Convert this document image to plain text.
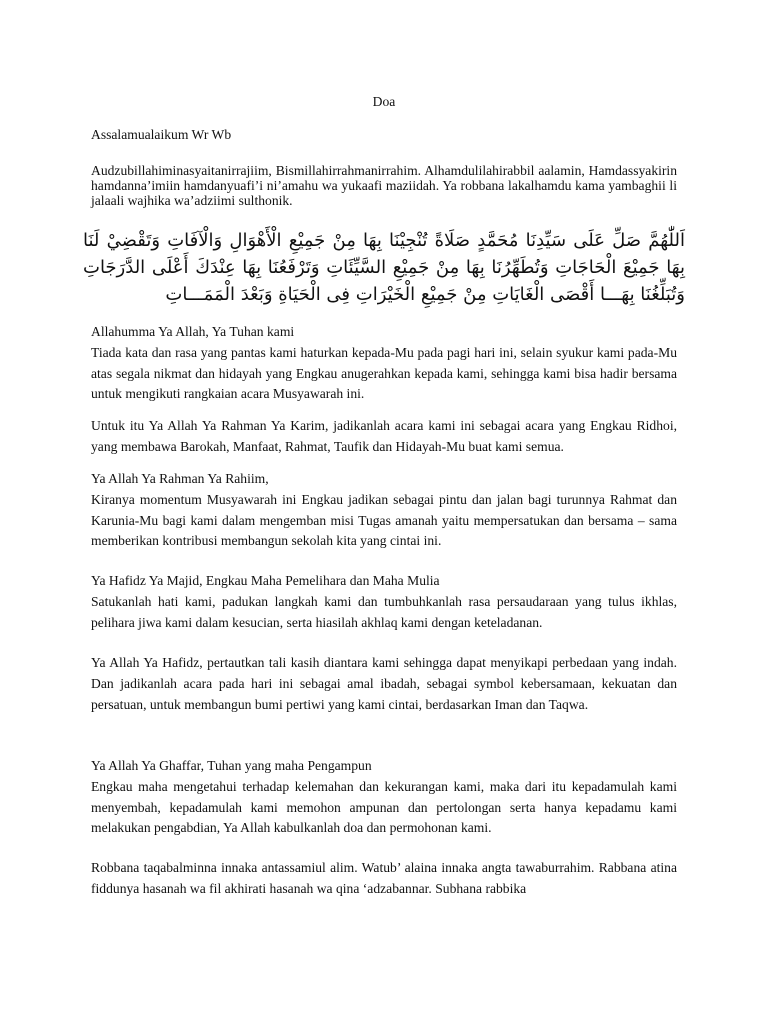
Doa
Assalamualaikum Wr Wb
Audzubillahiminasyaitanirrajiim, Bismillahirrahmanirrahim. Alhamdulilahirabbil aalamin, Hamdassyakirin hamdanna’imiin hamdanyuafi’i ni’amahu wa yukaafi maziidah. Ya robbana lakalhamdu kama yambaghii li jalaali wajhika wa’adziimi sulthonik.
اَللّٰهُمَّ صَلِّ عَلَى سَيِّدِنَا مُحَمَّدٍ صَلَاةً تُنْجِيْنَا بِهَا مِنْ جَمِيْعِ الْأَهْوَالِ وَالْآفَاتِ وَتَقْضِيْ لَنَا بِهَا جَمِيْعَ الْحَاجَاتِ وَتُطَهِّرُنَا بِهَا مِنْ جَمِيْعِ السَّيِّئَاتِ وَتَرْفَعُنَا بِهَا عِنْدَكَ أَعْلَى الدَّرَجَاتِ وَتُبَلِّغُنَا بِهَـــا أَقْصَى الْغَايَاتِ مِنْ جَمِيْعِ الْخَيْرَاتِ فِى الْحَيَاةِ وَبَعْدَ الْمَمَـــاتِ
Allahumma Ya Allah, Ya Tuhan kami
Tiada kata dan rasa yang pantas kami haturkan kepada-Mu pada pagi hari ini, selain syukur kami pada-Mu atas segala nikmat dan hidayah yang Engkau anugerahkan kepada kami, sehingga kami bisa hadir bersama untuk mengikuti rangkaian acara Musyawarah ini.
Untuk itu Ya Allah Ya Rahman Ya Karim, jadikanlah acara kami ini sebagai acara yang Engkau Ridhoi, yang membawa Barokah, Manfaat, Rahmat, Taufik dan Hidayah-Mu buat kami semua.
Ya Allah Ya Rahman Ya Rahiim,
Kiranya momentum Musyawarah ini Engkau jadikan sebagai pintu dan jalan bagi turunnya Rahmat dan Karunia-Mu bagi kami dalam mengemban misi Tugas amanah yaitu mempersatukan dan bersama – sama memberikan kontribusi membangun sekolah kita yang cintai ini.
Ya Hafidz Ya Majid, Engkau Maha Pemelihara dan Maha Mulia
Satukanlah hati kami, padukan langkah kami dan tumbuhkanlah rasa persaudaraan yang tulus ikhlas, pelihara jiwa kami dalam kesucian, serta hiasilah akhlaq kami dengan keteladanan.
Ya Allah Ya Hafidz, pertautkan tali kasih diantara kami sehingga dapat menyikapi perbedaan yang indah. Dan jadikanlah acara pada hari ini sebagai amal ibadah, sebagai symbol kebersamaan, kekuatan dan persatuan, untuk membangun bumi pertiwi yang kami cintai, berdasarkan Iman dan Taqwa.
Ya Allah Ya Ghaffar, Tuhan yang maha Pengampun
Engkau maha mengetahui terhadap kelemahan dan kekurangan kami, maka dari itu kepadamulah kami menyembah, kepadamulah kami memohon ampunan dan pertolongan serta hanya kepadamu kami melakukan pengabdian, Ya Allah kabulkanlah doa dan permohonan kami.
Robbana taqabalminna innaka antassamiul alim. Watub’ alaina innaka angta tawaburrahim. Rabbana atina fiddunya hasanah wa fil akhirati hasanah wa qina ‘adzabannar. Subhana rabbika
